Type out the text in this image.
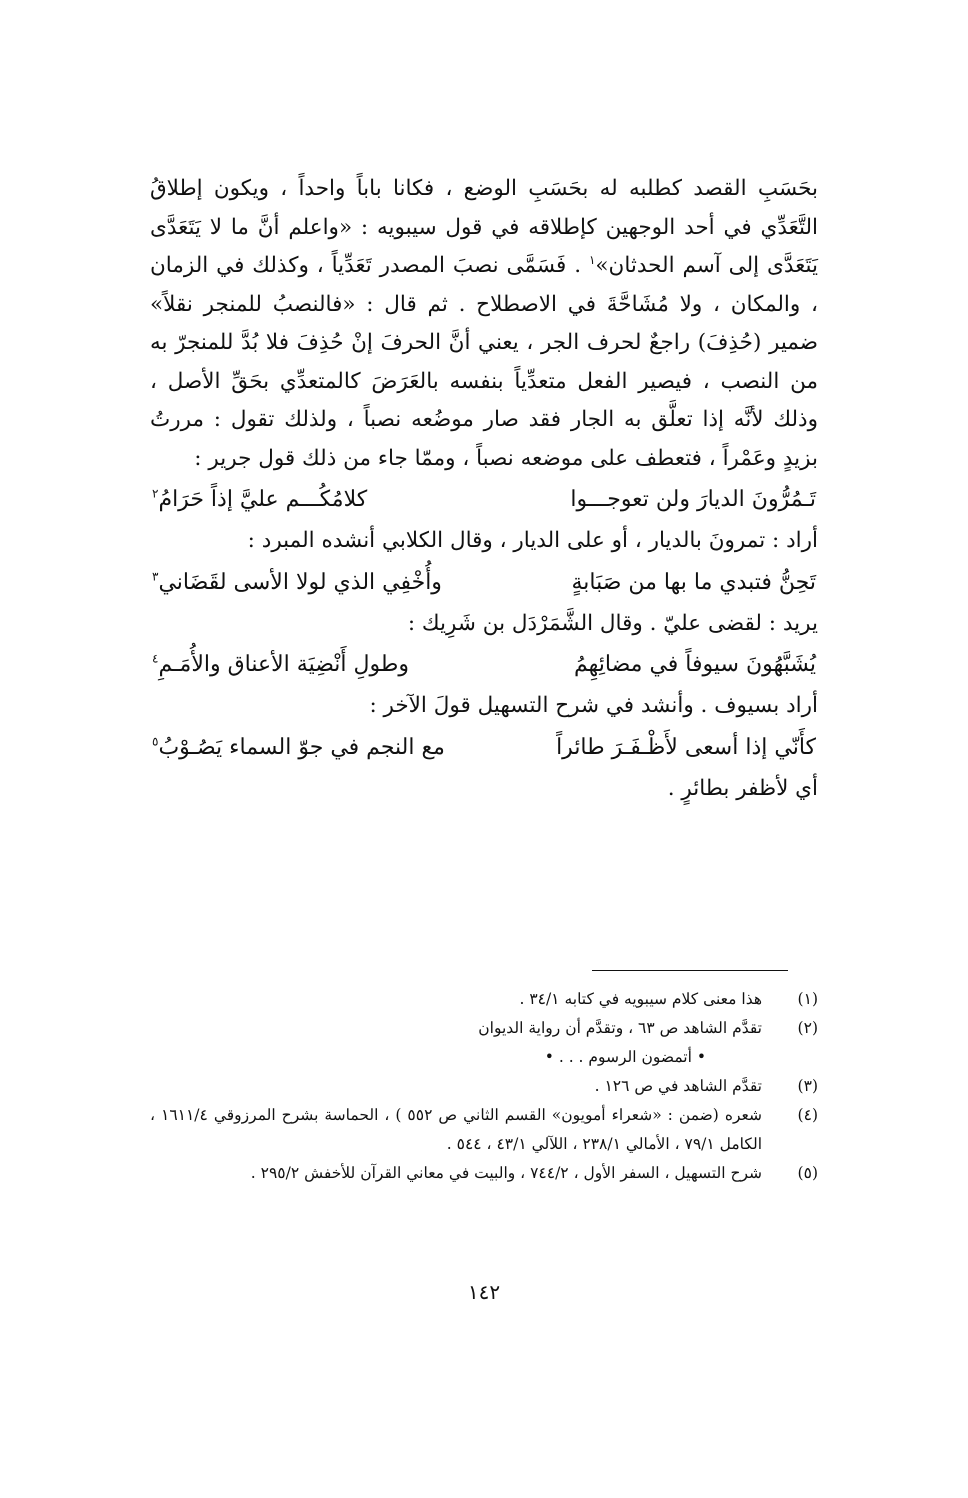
بحَسَبِ القصد كطلبه له بحَسَبِ الوضع ، فكانا باباً واحداً ، ويكون إطلاقُ التَّعَدِّي في أحد الوجهين كإطلاقه في قول سيبويه : «واعلم أنَّ ما لا يَتَعَدَّى يَتَعَدَّى إلى آسم الحدثان»$^١$ . فَسَمَّى نصبَ المصدر تَعَدِّياً ، وكذلك في الزمان ، والمكان ، ولا مُشَاحَّةَ في الاصطلاح . ثم قال : «فالنصبُ للمنجر نقلاً» ضمير (حُذِفَ) راجعٌ لحرف الجر ، يعني أنَّ الحرفَ إنْ حُذِفَ فلا بُدَّ للمنجرّ به من النصب ، فيصير الفعل متعدِّياً بنفسه بالعَرَضَ كالمتعدِّي بحَقِّ الأصل ، وذلك لأنَّه إذا تعلَّق به الجار فقد صار موضُعه نصباً ، ولذلك تقول : مررتُ بزيدٍ وعَمْراً ، فتعطف على موضعه نصباً ، وممّا جاء من ذلك قول جرير :

تَـمُرُّونَ الديارَ ولن تعوجـــوا
كلامُكُـــم عليَّ إذاً حَرَامُ$^٢$

أراد : تمرونَ بالديار ، أو على الديار ، وقال الكلابي أنشده المبرد :

تَحِنُّ فتبدي ما بها من صَبَابةٍ
وأُخْفِي الذي لولا الأسى لقَضَاني$^٣$

يريد : لقضى عليّ . وقال الشَّمَرْدَل بن شَرِيك :

يُشَبَّهُونَ سيوفاً في مضائِهِمُ
وطولِ أَنْضِيَة الأعناق والأُمَـمِ$^٤$

أراد بسيوف . وأنشد في شرح التسهيل قولَ الآخر :

كأَنّي إذا أسعى لأَظْـفَـرَ طائراً
مع النجم في جوّ السماء يَصُـوْبُ$^٥$

أي لأظفر بطائرٍ .

(١)
هذا معنى كلام سيبويه في كتابه ٣٤/١ .
(٢)
تقدَّم الشاهد ص ٦٣ ، وتقدَّم أن رواية الديوان
• أتمضون الرسوم . . . •
(٣)
تقدَّم الشاهد في ص ١٢٦ .
(٤)
شعره (ضمن : «شعراء أمويون» القسم الثاني ص ٥٥٢ ) ، الحماسة بشرح المرزوقي ١٦١١/٤ ، الكامل ٧٩/١ ، الأمالي ٢٣٨/١ ، اللآلي ٤٣/١ ، ٥٤٤ .
(٥)
شرح التسهيل ، السفر الأول ، ٧٤٤/٢ ، والبيت في معاني القرآن للأخفش ٢٩٥/٢ .
١٤٢
